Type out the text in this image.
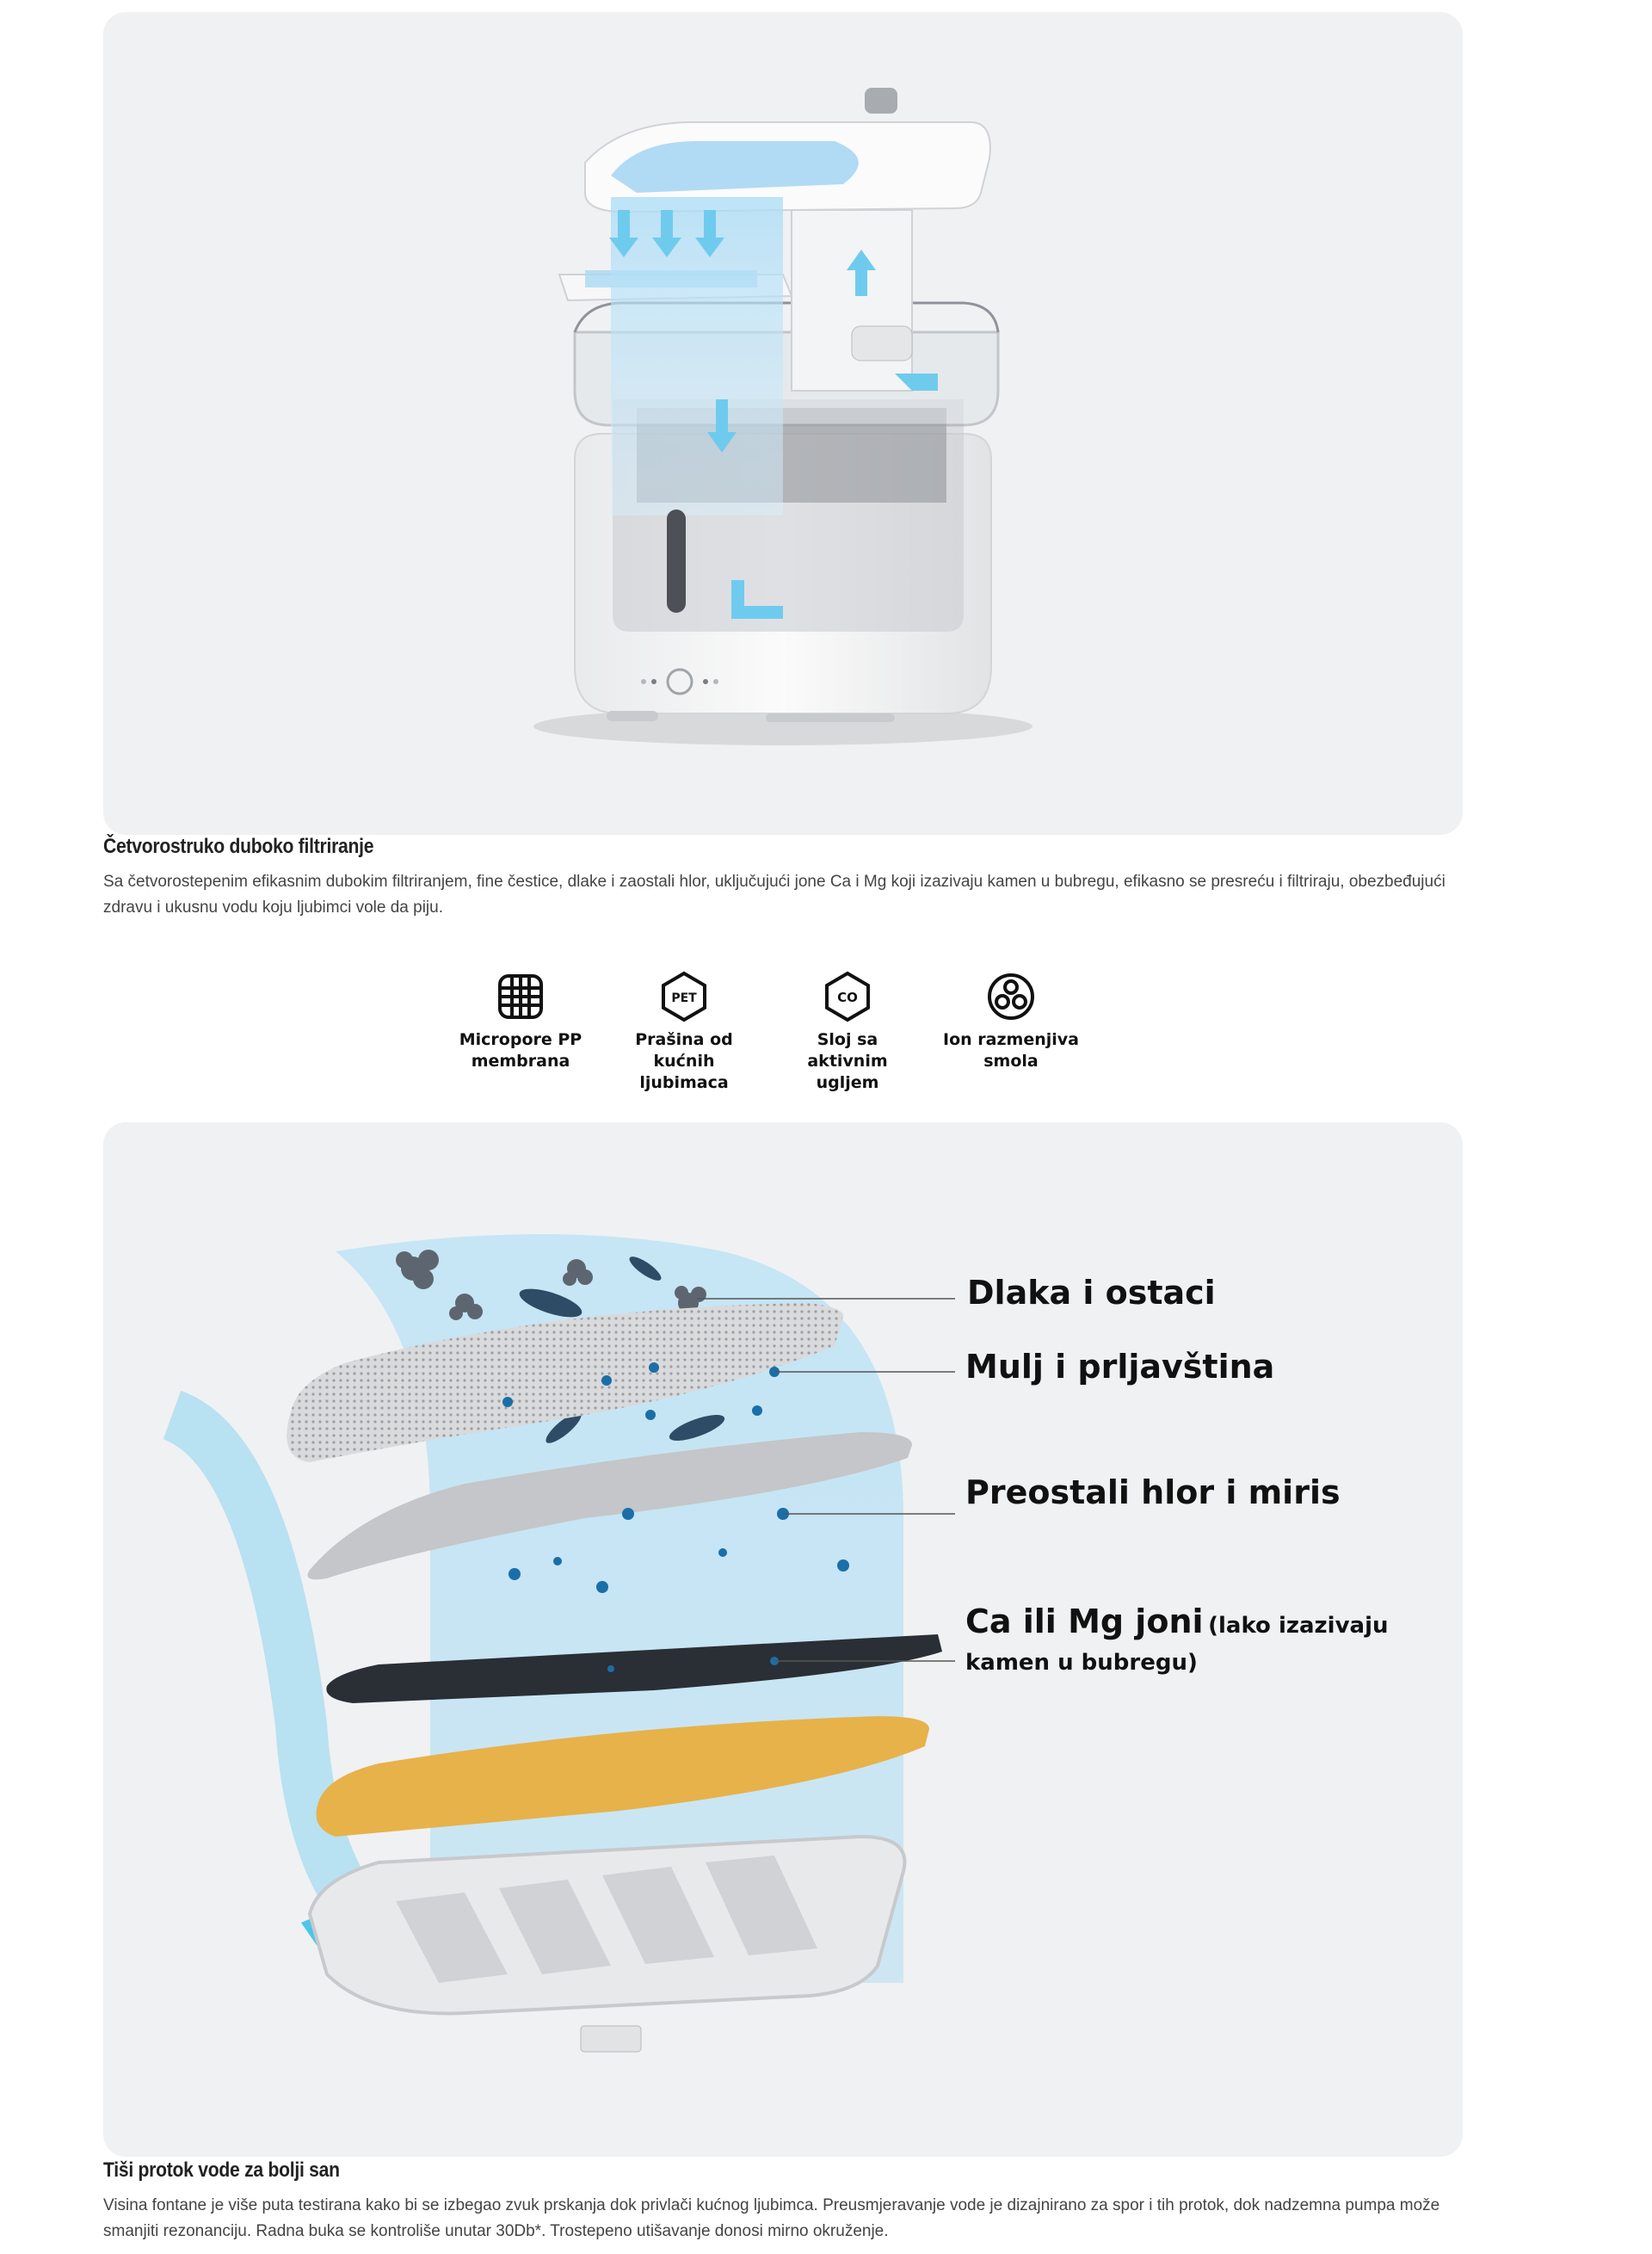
Četvorostruko duboko filtriranje
Sa četvorostepenim efikasnim dubokim filtriranjem, fine čestice, dlake i zaostali hlor, uključujući jone Ca i Mg koji izazivaju kamen u bubregu, efikasno se presreću i filtriraju, obezbeđujući zdravu i ukusnu vodu koju ljubimci vole da piju.
Micropore PP membrana
PET
Prašina od kućnih ljubimaca
CO
Sloj sa aktivnim ugljem
Ion razmenjiva smola
Dlaka i ostaci
Mulj i prljavština
Preostali hlor i miris
Ca ili Mg joni (lako izazivaju kamen u bubregu)
Tiši protok vode za bolji san
Visina fontane je više puta testirana kako bi se izbegao zvuk prskanja dok privlači kućnog ljubimca. Preusmjeravanje vode je dizajnirano za spor i tih protok, dok nadzemna pumpa može smanjiti rezonanciju. Radna buka se kontroliše unutar 30Db*. Trostepeno utišavanje donosi mirno okruženje.
